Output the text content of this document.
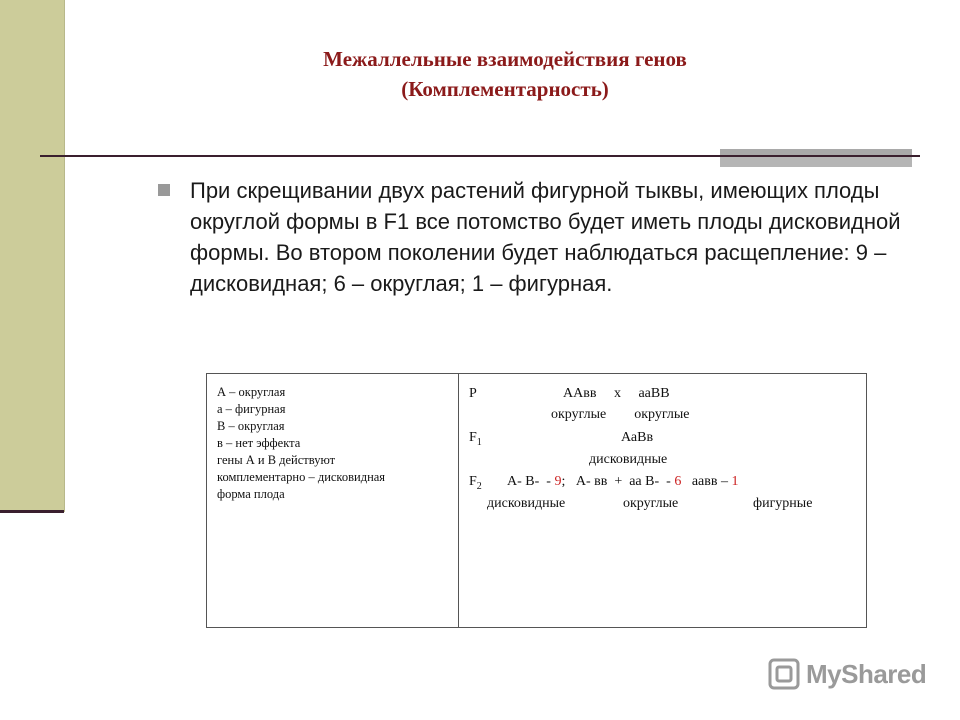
Межаллельные взаимодействия генов
(Комплементарность)
При скрещивании двух растений фигурной тыквы, имеющих плоды округлой формы в F1 все потомство будет иметь плоды дисковидной формы. Во втором поколении будет наблюдаться расщепление: 9 – дисковидная; 6 – округлая; 1 – фигурная.
А – округлая
а – фигурная
В – округлая
в – нет эффекта
гены А и В действуют
комплементарно – дисковидная
форма плода
Р	ААвв     х     ааВВ
округлые        округлые
$F_1$	АаВв
дисковидные
$F_2$ А- В-  - 9;   А- вв  +  аа В-  - 6 аавв – 1
дисковидные	округлые	фигурные
MyShared
